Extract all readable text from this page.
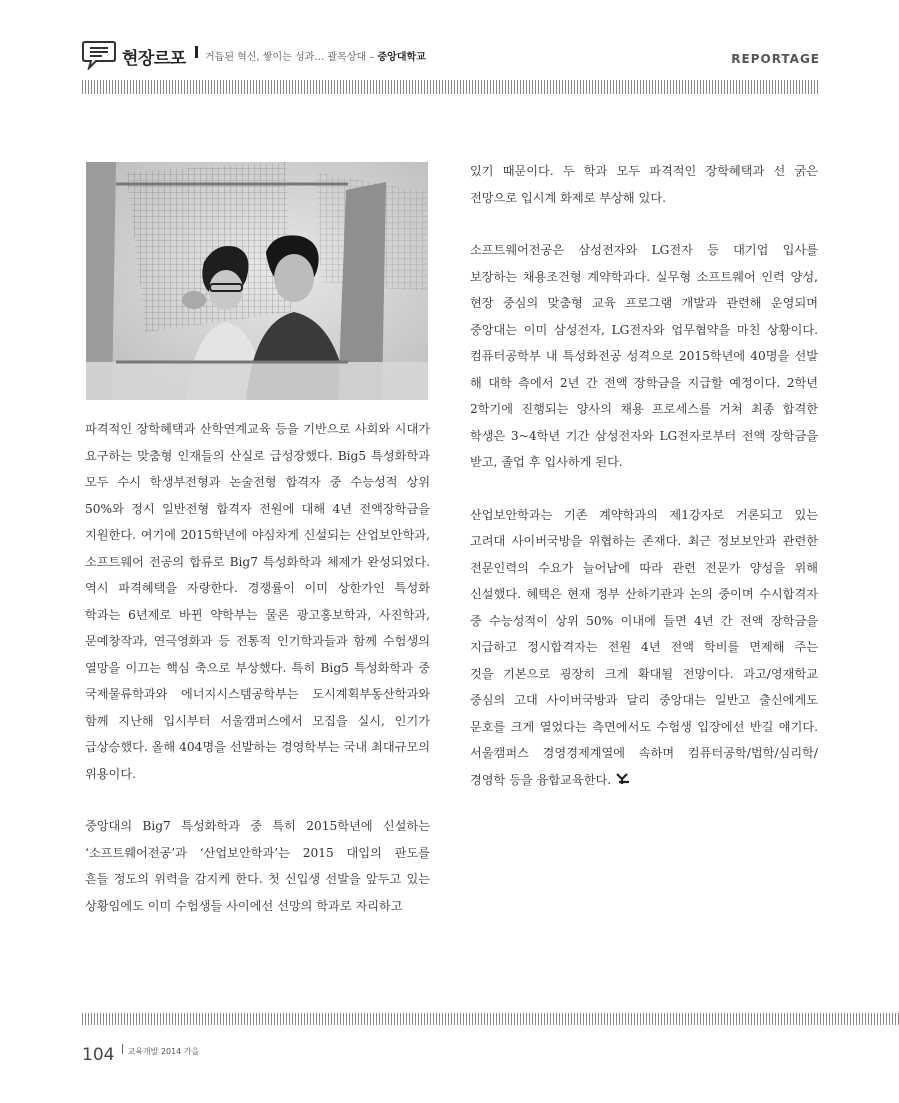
현장르포 거듭된 혁신, 쌓이는 성과… 괄목상대 – 중앙대학교	REPORTAGE

파격적인 장학혜택과 산학연계교육 등을 기반으로 사회와 시대가
요구하는 맞춤형 인재들의 산실로 급성장했다. Big5 특성화학과
모두 수시 학생부전형과 논술전형 합격자 중 수능성적 상위
50%와 정시 일반전형 합격자 전원에 대해 4년 전액장학금을
지원한다. 여기에 2015학년에 야심차게 신설되는 산업보안학과,
소프트웨어 전공의 합류로 Big7 특성화학과 체제가 완성되었다.
역시 파격혜택을 자랑한다. 경쟁률이 이미 상한가인 특성화
학과는 6년제로 바뀐 약학부는 물론 광고홍보학과, 사진학과,
문예창작과, 연극영화과 등 전통적 인기학과들과 함께 수험생의
열망을 이끄는 핵심 축으로 부상했다. 특히 Big5 특성화학과 중
국제물류학과와 에너지시스템공학부는 도시계획부동산학과와
함께 지난해 입시부터 서울캠퍼스에서 모집을 실시, 인기가
급상승했다. 올해 404명을 선발하는 경영학부는 국내 최대규모의
위용이다.

중앙대의 Big7 특성화학과 중 특히 2015학년에 신설하는
‘소프트웨어전공’과 ‘산업보안학과’는 2015 대입의 판도를
흔들 정도의 위력을 감지케 한다. 첫 신입생 선발을 앞두고 있는
상황임에도 이미 수험생들 사이에선 선망의 학과로 자리하고

있기 때문이다. 두 학과 모두 파격적인 장학혜택과 선 굵은
전망으로 입시계 화제로 부상해 있다.

소프트웨어전공은 삼성전자와 LG전자 등 대기업 입사를
보장하는 채용조건형 계약학과다. 실무형 소프트웨어 인력 양성,
현장 중심의 맞춤형 교육 프로그램 개발과 관련해 운영되며
중앙대는 이미 삼성전자, LG전자와 업무협약을 마친 상황이다.
컴퓨터공학부 내 특성화전공 성격으로 2015학년에 40명을 선발
해 대학 측에서 2년 간 전액 장학금을 지급할 예정이다. 2학년
2학기에 진행되는 양사의 채용 프로세스를 거쳐 최종 합격한
학생은 3~4학년 기간 삼성전자와 LG전자로부터 전액 장학금을
받고, 졸업 후 입사하게 된다.

산업보안학과는 기존 계약학과의 제1강자로 거론되고 있는
고려대 사이버국방을 위협하는 존재다. 최근 정보보안과 관련한
전문인력의 수요가 늘어남에 따라 관련 전문가 양성을 위해
신설했다. 혜택은 현재 정부 산하기관과 논의 중이며 수시합격자
중 수능성적이 상위 50% 이내에 들면 4년 간 전액 장학금을
지급하고 정시합격자는 전원 4년 전액 학비를 면제해 주는
것을 기본으로 굉장히 크게 확대될 전망이다. 과고/영재학교
중심의 고대 사이버국방과 달리 중앙대는 일반고 출신에게도
문호를 크게 열었다는 측면에서도 수험생 입장에선 반길 얘기다.
서울캠퍼스 경영경제계열에 속하며 컴퓨터공학/법학/심리학/
경영학 등을 융합교육한다.

104 $^{교육개발 2014 가을}$
